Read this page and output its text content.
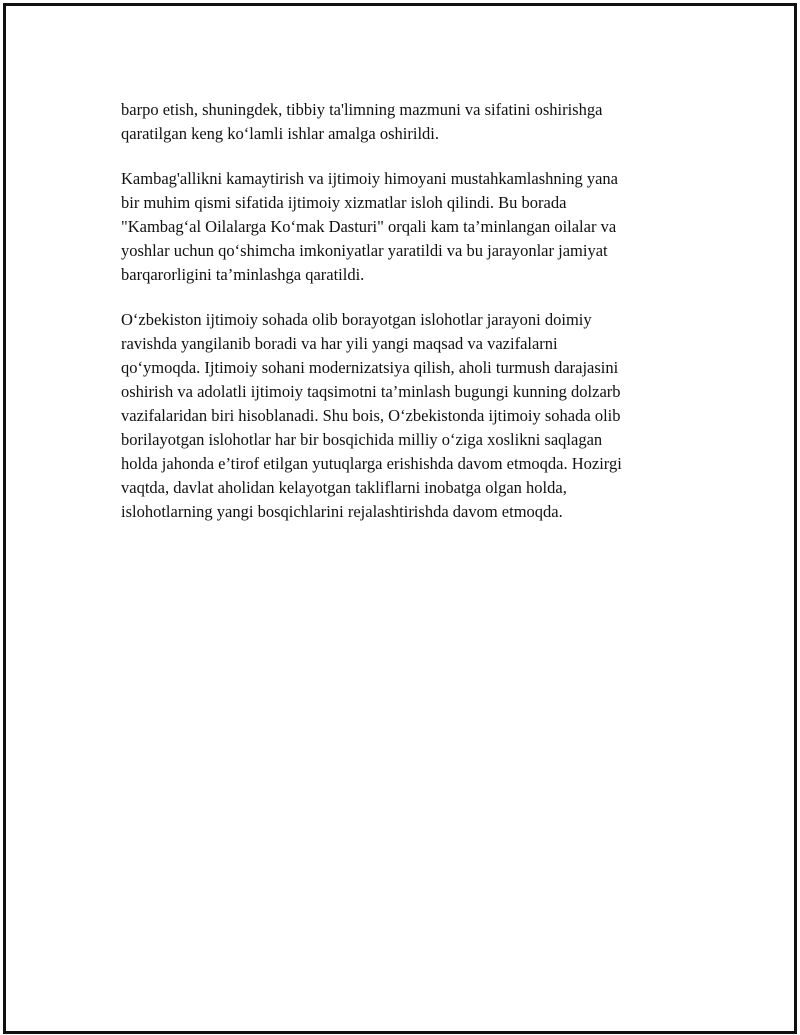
barpo etish, shuningdek, tibbiy ta'limning mazmuni va sifatini oshirishga
qaratilgan keng ko‘lamli ishlar amalga oshirildi.

Kambag'allikni kamaytirish va ijtimoiy himoyani mustahkamlashning yana
bir muhim qismi sifatida ijtimoiy xizmatlar isloh qilindi. Bu borada
"Kambag‘al Oilalarga Ko‘mak Dasturi" orqali kam ta’minlangan oilalar va
yoshlar uchun qo‘shimcha imkoniyatlar yaratildi va bu jarayonlar jamiyat
barqarorligini ta’minlashga qaratildi.

O‘zbekiston ijtimoiy sohada olib borayotgan islohotlar jarayoni doimiy
ravishda yangilanib boradi va har yili yangi maqsad va vazifalarni
qo‘ymoqda. Ijtimoiy sohani modernizatsiya qilish, aholi turmush darajasini
oshirish va adolatli ijtimoiy taqsimotni ta’minlash bugungi kunning dolzarb
vazifalaridan biri hisoblanadi. Shu bois, O‘zbekistonda ijtimoiy sohada olib
borilayotgan islohotlar har bir bosqichida milliy o‘ziga xoslikni saqlagan
holda jahonda e’tirof etilgan yutuqlarga erishishda davom etmoqda. Hozirgi
vaqtda, davlat aholidan kelayotgan takliflarni inobatga olgan holda,
islohotlarning yangi bosqichlarini rejalashtirishda davom etmoqda.
